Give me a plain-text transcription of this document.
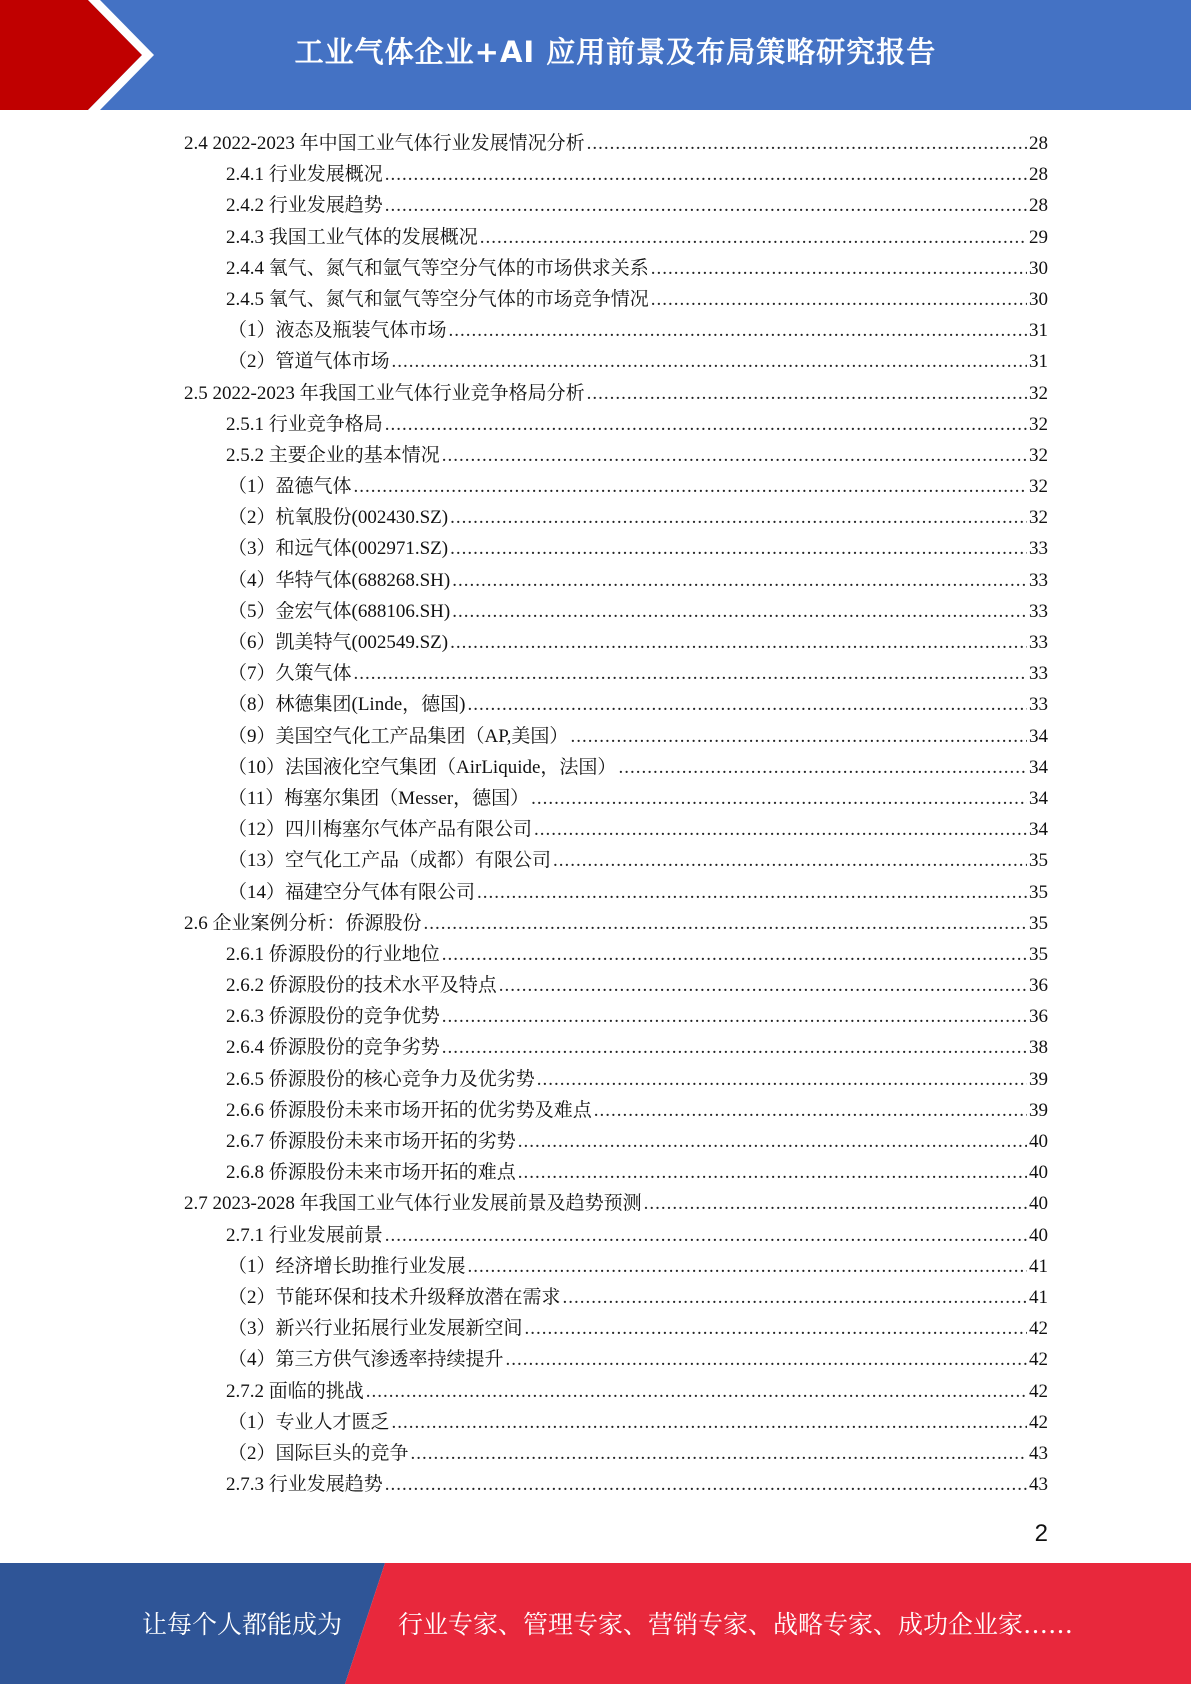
工业气体企业+AI 应用前景及布局策略研究报告
2.4 2022-2023 年中国工业气体行业发展情况分析 .....	28
2.4.1 行业发展概况 .....	28
2.4.2 行业发展趋势 .....	28
2.4.3 我国工业气体的发展概况 .....	29
2.4.4 氧气、氮气和氩气等空分气体的市场供求关系 .....	30
2.4.5 氧气、氮气和氩气等空分气体的市场竞争情况 .....	30
（1）液态及瓶装气体市场 .....	31
（2）管道气体市场 .....	31
2.5 2022-2023 年我国工业气体行业竞争格局分析 .....	32
2.5.1 行业竞争格局 .....	32
2.5.2 主要企业的基本情况 .....	32
（1）盈德气体 .....	32
（2）杭氧股份(002430.SZ) .....	32
（3）和远气体(002971.SZ) .....	33
（4）华特气体(688268.SH) .....	33
（5）金宏气体(688106.SH) .....	33
（6）凯美特气(002549.SZ) .....	33
（7）久策气体 .....	33
（8）林德集团(Linde，德国) .....	33
（9）美国空气化工产品集团（AP,美国） .....	34
（10）法国液化空气集团（AirLiquide，法国） .....	34
（11）梅塞尔集团（Messer，德国） .....	34
（12）四川梅塞尔气体产品有限公司 .....	34
（13）空气化工产品（成都）有限公司 .....	35
（14）福建空分气体有限公司 .....	35
2.6 企业案例分析：侨源股份 .....	35
2.6.1 侨源股份的行业地位 .....	35
2.6.2 侨源股份的技术水平及特点 .....	36
2.6.3 侨源股份的竞争优势 .....	36
2.6.4 侨源股份的竞争劣势 .....	38
2.6.5 侨源股份的核心竞争力及优劣势 .....	39
2.6.6 侨源股份未来市场开拓的优劣势及难点 .....	39
2.6.7 侨源股份未来市场开拓的劣势 .....	40
2.6.8 侨源股份未来市场开拓的难点 .....	40
2.7 2023-2028 年我国工业气体行业发展前景及趋势预测 .....	40
2.7.1 行业发展前景 .....	40
（1）经济增长助推行业发展 .....	41
（2）节能环保和技术升级释放潜在需求 .....	41
（3）新兴行业拓展行业发展新空间 .....	42
（4）第三方供气渗透率持续提升 .....	42
2.7.2 面临的挑战 .....	42
（1）专业人才匮乏 .....	42
（2）国际巨头的竞争 .....	43
2.7.3 行业发展趋势 .....	43
2
让每个人都能成为 行业专家、管理专家、营销专家、战略专家、成功企业家……
